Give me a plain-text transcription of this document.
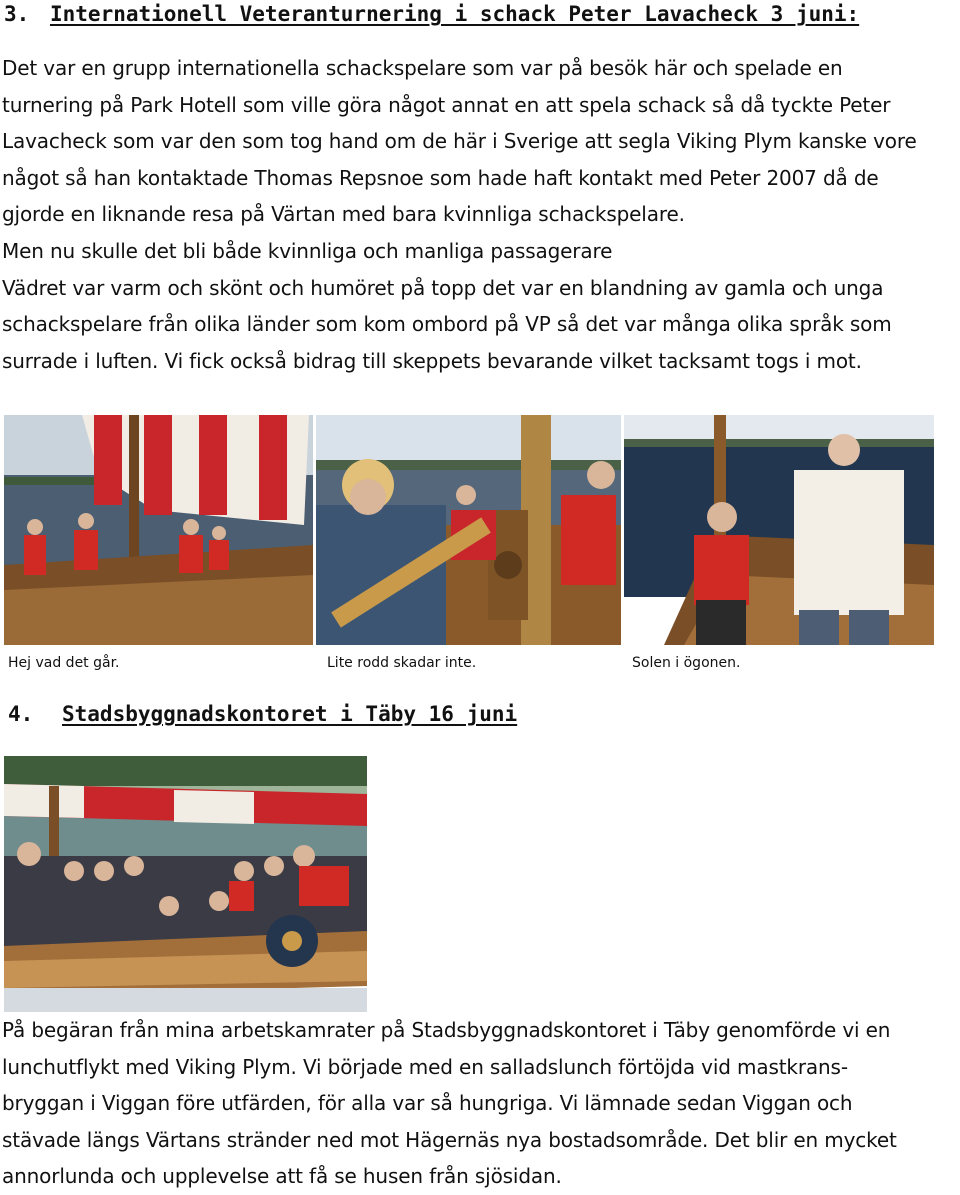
3. Internationell Veteranturnering i schack Peter Lavacheck 3 juni:
Det var en grupp internationella schackspelare som var på besök här och spelade en
turnering på Park Hotell som ville göra något annat en att spela schack så då tyckte Peter
Lavacheck som var den som tog hand om de här i Sverige att segla Viking Plym kanske vore
något så han kontaktade Thomas Repsnoe som hade haft kontakt med Peter 2007 då de
gjorde en liknande resa på Värtan med bara kvinnliga schackspelare.
Men nu skulle det bli både kvinnliga och manliga passagerare
Vädret var varm och skönt och humöret på topp det var en blandning av gamla och unga
schackspelare från olika länder som kom ombord på VP så det var många olika språk som
surrade i luften. Vi fick också bidrag till skeppets bevarande vilket tacksamt togs i mot.
Hej vad det går.	Lite rodd skadar inte.	Solen i ögonen.
4. Stadsbyggnadskontoret i Täby 16 juni
På begäran från mina arbetskamrater på Stadsbyggnadskontoret i Täby genomförde vi en
lunchutflykt med Viking Plym. Vi började med en salladslunch förtöjda vid mastkrans-
bryggan i Viggan före utfärden, för alla var så hungriga. Vi lämnade sedan Viggan och
stävade längs Värtans stränder ned mot Hägernäs nya bostadsområde. Det blir en mycket
annorlunda och upplevelse att få se husen från sjösidan.
